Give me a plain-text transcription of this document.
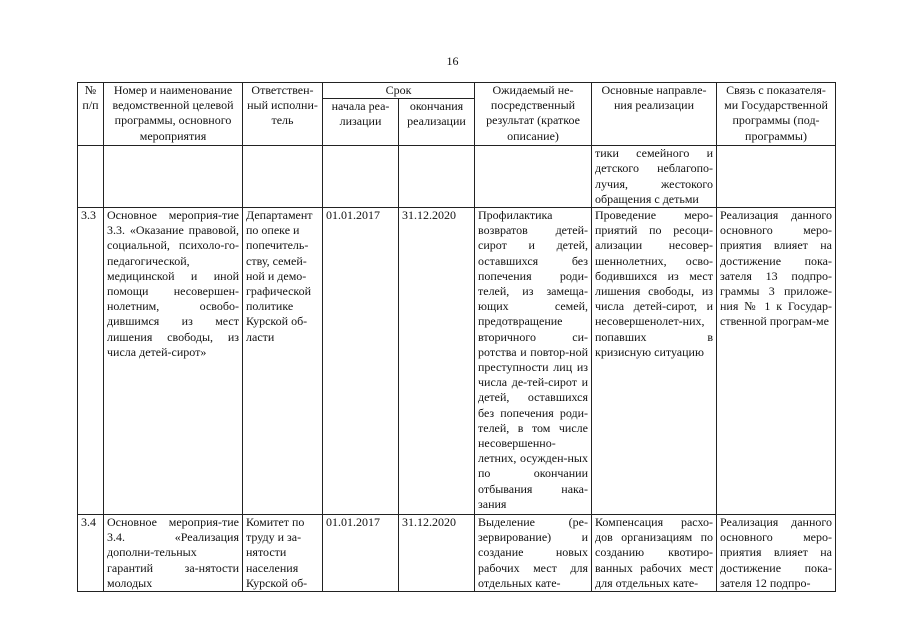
16
№ п/п	Номер и наименование ведомственной целевой программы, основного мероприятия	Ответствен-ный исполни-тель	Срок		Ожидаемый не-посредственный результат (краткое описание)	Основные направле-ния реализации	Связь с показателя-ми Государственной программы (под-программы)
			начала реа-лизации	окончания реализации			
						тики семейного и детского неблагопо-лучия, жестокого обращения с детьми	
3.3	Основное мероприя-тие 3.3. «Оказание правовой, социальной, психоло-го-педагогической, медицинской и иной помощи несовершен-нолетним, освобо-дившимся из мест лишения свободы, из числа детей-сирот»	Департамент по опеке и попечитель-ству, семей-ной и демо-графической политике Курской об-ласти	01.01.2017	31.12.2020	Профилактика возвратов детей-сирот и детей, оставшихся без попечения роди-телей, из замеща-ющих семей, предотвращение вторичного си-ротства и повтор-ной преступности лиц из числа де-тей-сирот и детей, оставшихся без попечения роди-телей, в том числе несовершенно-летних, осужден-ных по окончании отбывания нака-зания	Проведение меро-приятий по ресоци-ализации несовер-шеннолетних, осво-бодившихся из мест лишения свободы, из числа детей-сирот, и несовершенолет-них, попавших в кризисную ситуацию	Реализация данного основного меро-приятия влияет на достижение пока-зателя 13 подпро-граммы 3 приложе-ния № 1 к Государ-ственной програм-ме
3.4	Основное мероприя-тие 3.4. «Реализация дополни-тельных гарантий за-нятости молодых	Комитет по труду и за-нятости населения Курской об-	01.01.2017	31.12.2020	Выделение (ре-зервирование) и создание новых рабочих мест для отдельных кате-	Компенсация расхо-дов организациям по созданию квотиро-ванных рабочих мест для отдельных кате-	Реализация данного основного меро-приятия влияет на достижение пока-зателя 12 подпро-
